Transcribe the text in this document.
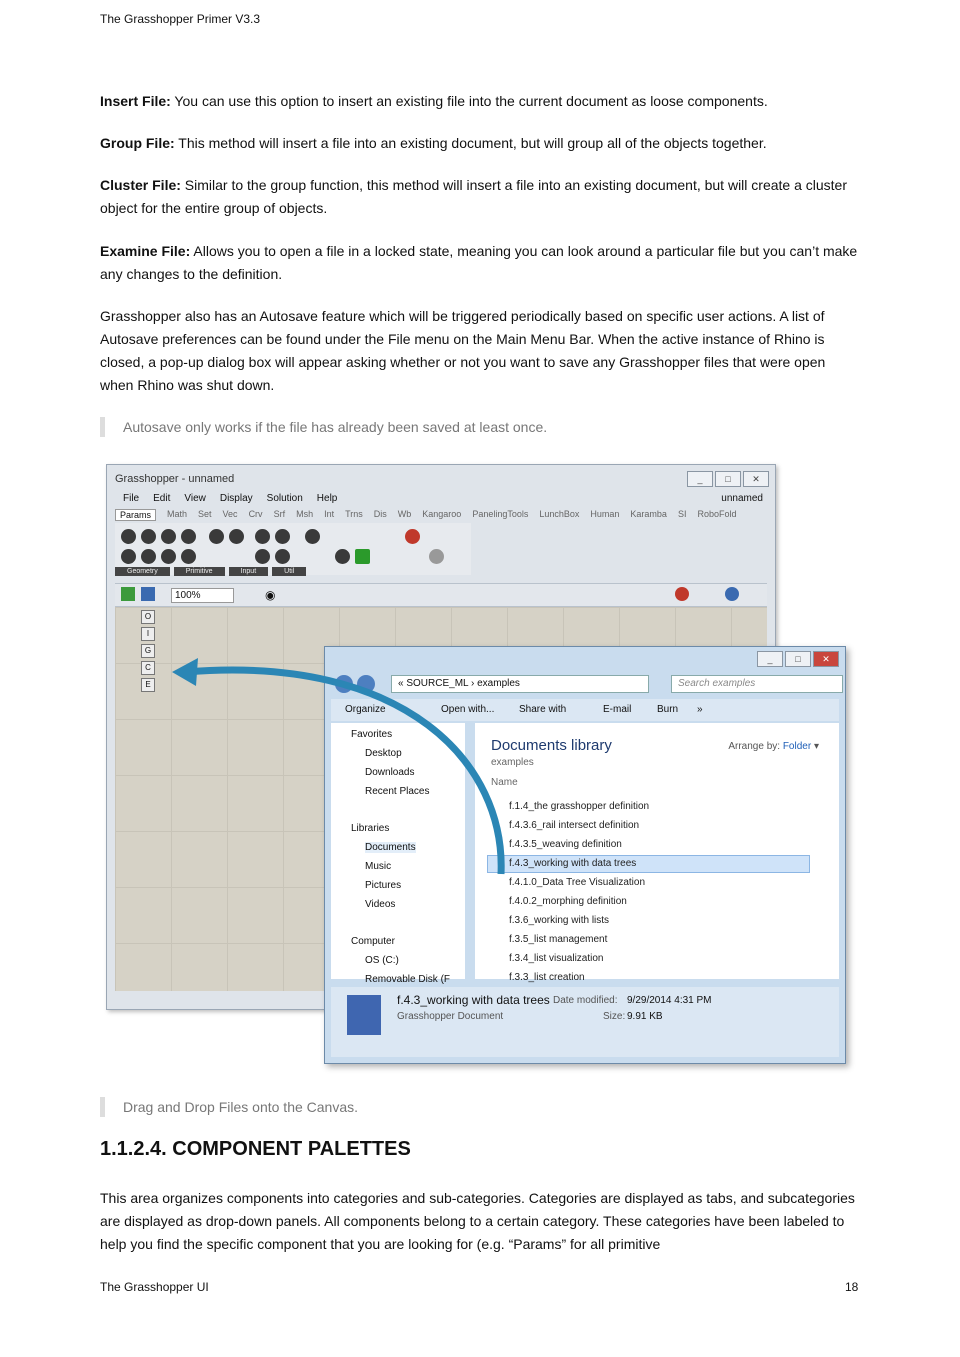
The Grasshopper Primer V3.3
Insert File: You can use this option to insert an existing file into the current document as loose components.
Group File: This method will insert a file into an existing document, but will group all of the objects together.
Cluster File: Similar to the group function, this method will insert a file into an existing document, but will create a cluster object for the entire group of objects.
Examine File: Allows you to open a file in a locked state, meaning you can look around a particular file but you can’t make any changes to the definition.
Grasshopper also has an Autosave feature which will be triggered periodically based on specific user actions. A list of Autosave preferences can be found under the File menu on the Main Menu Bar. When the active instance of Rhino is closed, a pop-up dialog box will appear asking whether or not you want to save any Grasshopper files that were open when Rhino was shut down.
Autosave only works if the file has already been saved at least once.
Grasshopper - unnamed	_	□	✕
File Edit View Display Solution Help	unnamed
Params	Math Set Vec Crv Srf Msh Int Trns Dis Wb Kangaroo PanelingTools LunchBox Human Karamba SI RoboFold
Geometry	Primitive	Input	Util
100%	◉
O
I
G
C
E
_	□	✕
« SOURCE_ML › examples	Search examples
Organize	Open with... Share with	E-mail	Burn »
Favorites
Desktop
Downloads
Recent Places
Libraries
Documents
Music
Pictures
Videos
Computer
OS (C:)
Removable Disk (F
Documents library
examples
Arrange by: Folder ▾
Name
f.1.4_the grasshopper definition
f.4.3.6_rail intersect definition
f.4.3.5_weaving definition
f.4.3_working with data trees
f.4.1.0_Data Tree Visualization
f.4.0.2_morphing definition
f.3.6_working with lists
f.3.5_list management
f.3.4_list visualization
f.3.3_list creation
f.4.3_working with data trees
Grasshopper Document
Date modified: 9/29/2014 4:31 PM
Size: 9.91 KB
Drag and Drop Files onto the Canvas.
1.1.2.4. COMPONENT PALETTES
This area organizes components into categories and sub-categories. Categories are displayed as tabs, and subcategories are displayed as drop-down panels. All components belong to a certain category. These categories have been labeled to help you find the specific component that you are looking for (e.g. “Params” for all primitive
The Grasshopper UI	18
